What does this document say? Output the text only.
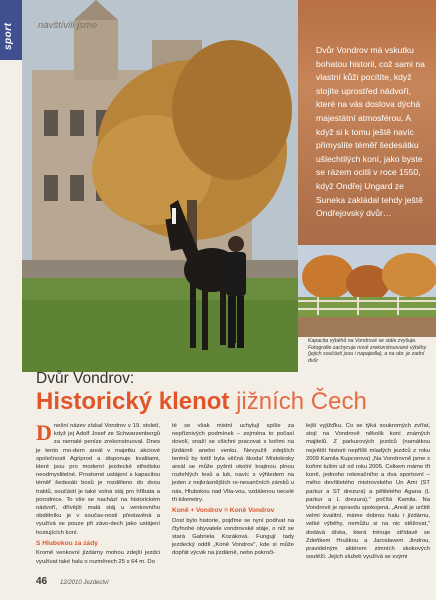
sport	navštívili jsme

Dvůr Vondrov má vskutku bohatou historii, což sami na vlastní kůži pocítíte, když stojíte uprostřed nádvoří, které na vás doslova dýchá majestátní atmosférou. A když si k tomu ještě navíc přimyslíte téměř šedesátku ušlechtilých koní, jako byste se rázem ocitli v roce 1550, když Ondřej Ungard ze Suneka zakládal tehdy ještě Ondřejovský dvůr…

Kapacita výběhů na Vondrově se stále zvyšuje. Fotografie zachycuje nově zrekonstruované výběhy (jejich součástí jsou i napajedla), a na obr. je zadní dvůr
Dvůr Vondrov:
Historický klenot jižních Čech

Dnešní název získal Vondrov v 19. století, když jej Adolf Josef ze Schwarzenbergů za nemalé peníze zrekonstruoval. Dnes je tento mo-dern areál v majetku akciové společnosti Agriprod a disponuje kvalitami, které jsou pro moderní jezdecké středisko neodmyslitelné. Prostorné ustájení s kapacitou téměř šedesáti boxů je rozděleno do dvou traktů, součástí je také volná stáj pro hříbata a porodnice. To vše se nachází na historickém nádvoří, dřívější malá stáj u venkovního obdélníku je v součas-nosti přestavěná a využívá se pouze při závo-dech jako ustájení hostujících koní.

S Hlubokou za zády

Kromě venkovní jízdárny mohou zdejší jezdci využívat také halu o rozměrech 25 x 64 m. Do

té se však mistní uchylují spíše za nepříznivých podmínek – zejména to počasí dovolí, snaží se všichni pracovat s koňmi na jízdárně anebo venku. Nevyužít zdejších terénů by totiž byla věčná škoda! Místokrsky areál se může pyšnit okolní krajinou plnou rozlehlých lesů a luk, navíc s výhledem na jeden z nejkrásnějších re-nesančních zámků u nás, Hlubokou nad Vlta-vou, vzdálenou necelé tři kilometry.

Koně + Vondrov = Koně Vondrov

Dost bylo historie, pojďme se nyní podívat na čtyřnohé obyvatele vondrovské stáje, o níž se stará Gabriela Kozáková. Fungují tady jezdecký oddíl „Koně Vondrov", kde si může dopřát výcvik na jízdárně, nebo pokroči-

lejší vyjížďku. Co se týká soukromých zvířat, stojí na Vondrově několik koní známých majitelů. Z parkurových jezdců (namátkou největší historii nepříliš mladých jezdců z roku 2009 Kamila Kupcorova) „Na Vondrovně jsme s koňmi tušim už od roku 2005. Celkem máme tři koně, jednoho rekreačního a dva sportovní – mého devítiletého mistrovského Un Ami (ST parkur a ST drezura) a pětiletého Agana (L parkur a L drezura)," počítá Kamila. Na Vondrově je opravdu spokojená. „Areál je určitě velmi kvalitní, máme dobrou halu i jízdárnu, velké výběhy, nemůžu si na nic stěžovat," dodává dívka, která trénuje střídavě se Zdeňkem Hruškou a Jaroslavem Jindrou, pravidelným aktérem zimních skokových soutěží. Jejich služeb využívá se svými

46 12/2010 Jezdectví
